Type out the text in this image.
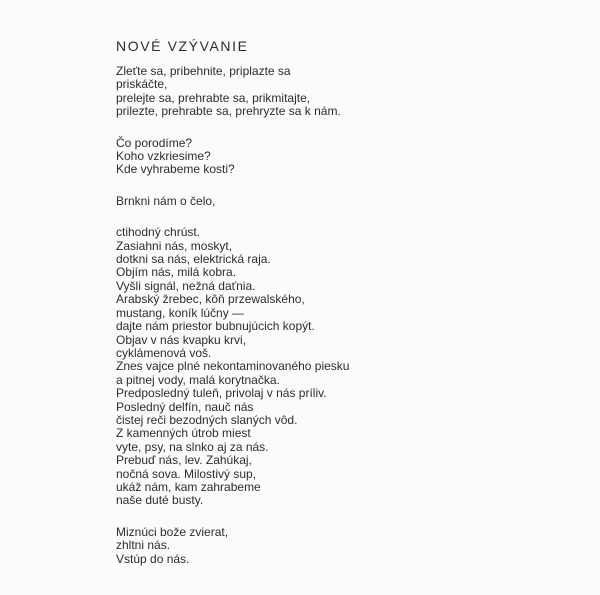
NOVÉ VZÝVANIE
Zleťte sa, pribehnite, priplazte sa
priskáčte,
prelejte sa, prehrabte sa, prikmitajte,
prilezte, prehrabte sa, prehryzte sa k nám.
Čo porodíme?
Koho vzkriesime?
Kde vyhrabeme kosti?
Brnkni nám o čelo,
ctihodný chrúst.
Zasiahni nás, moskyt,
dotkni sa nás, elektrická raja.
Objím nás, milá kobra.
Vyšli signál, nežná daťnia.
Arabský žrebec, kôň przewalského,
mustang, koník lúčny —
dajte nám priestor bubnujúcich kopýt.
Objav v nás kvapku krvi,
cyklámenová voš.
Znes vajce plné nekontaminovaného piesku
a pitnej vody, malá korytnačka.
Predposledný tuleň, privolaj v nás príliv.
Posledný delfín, nauč nás
čistej reči bezodných slaných vôd.
Z kamenných útrob miest
vyte, psy, na slnko aj za nás.
Prebuď nás, lev. Zahúkaj,
nočná sova. Milostivý sup,
ukáž nám, kam zahrabeme
naše duté busty.
Miznúci bože zvierat,
zhltni nás.
Vstúp do nás.
